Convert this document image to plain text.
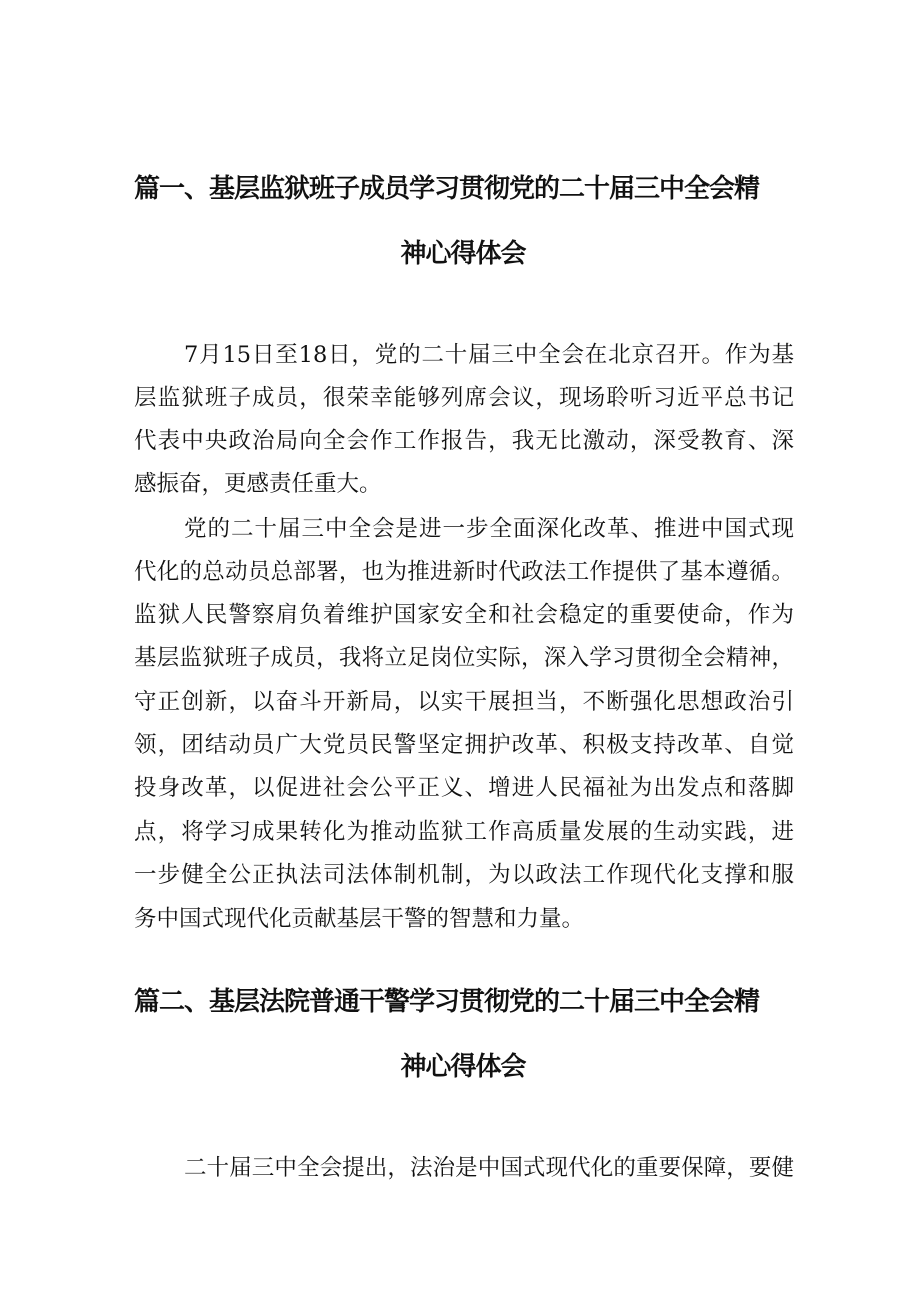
篇一、基层监狱班子成员学习贯彻党的二十届三中全会精
神心得体会

7月15日至18日，党的二十届三中全会在北京召开。作为基

层监狱班子成员，很荣幸能够列席会议，现场聆听习近平总书记

代表中央政治局向全会作工作报告，我无比激动，深受教育、深

感振奋，更感责任重大。

党的二十届三中全会是进一步全面深化改革、推进中国式现

代化的总动员总部署，也为推进新时代政法工作提供了基本遵循。

监狱人民警察肩负着维护国家安全和社会稳定的重要使命，作为

基层监狱班子成员，我将立足岗位实际，深入学习贯彻全会精神，

守正创新，以奋斗开新局，以实干展担当，不断强化思想政治引

领，团结动员广大党员民警坚定拥护改革、积极支持改革、自觉

投身改革，以促进社会公平正义、增进人民福祉为出发点和落脚

点，将学习成果转化为推动监狱工作高质量发展的生动实践，进

一步健全公正执法司法体制机制，为以政法工作现代化支撑和服

务中国式现代化贡献基层干警的智慧和力量。

篇二、基层法院普通干警学习贯彻党的二十届三中全会精
神心得体会

二十届三中全会提出，法治是中国式现代化的重要保障，要健
